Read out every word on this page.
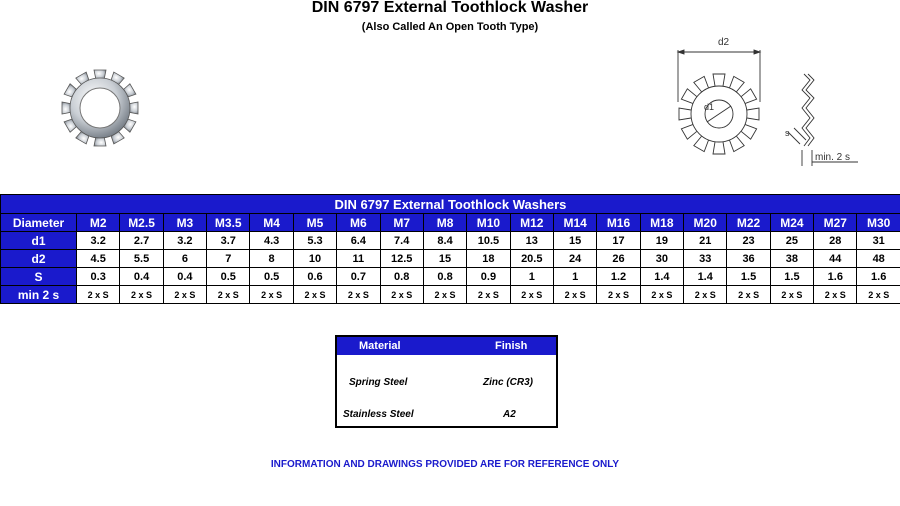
DIN 6797 External Toothlock Washer
(Also Called An Open Tooth Type)
d2
d1
s
min. 2 s
DIN 6797 External Toothlock Washers																			
Diameter	M2	M2.5	M3	M3.5	M4	M5	M6	M7	M8	M10	M12	M14	M16	M18	M20	M22	M24	M27	M30
d1	3.2	2.7	3.2	3.7	4.3	5.3	6.4	7.4	8.4	10.5	13	15	17	19	21	23	25	28	31
d2	4.5	5.5	6	7	8	10	11	12.5	15	18	20.5	24	26	30	33	36	38	44	48
S	0.3	0.4	0.4	0.5	0.5	0.6	0.7	0.8	0.8	0.9	1	1	1.2	1.4	1.4	1.5	1.5	1.6	1.6
min 2 s	2 x S	2 x S	2 x S	2 x S	2 x S	2 x S	2 x S	2 x S	2 x S	2 x S	2 x S	2 x S	2 x S	2 x S	2 x S	2 x S	2 x S	2 x S	2 x S
Material	Finish
Spring Steel	Zinc (CR3)
Stainless Steel	A2
INFORMATION AND DRAWINGS PROVIDED ARE FOR REFERENCE ONLY
